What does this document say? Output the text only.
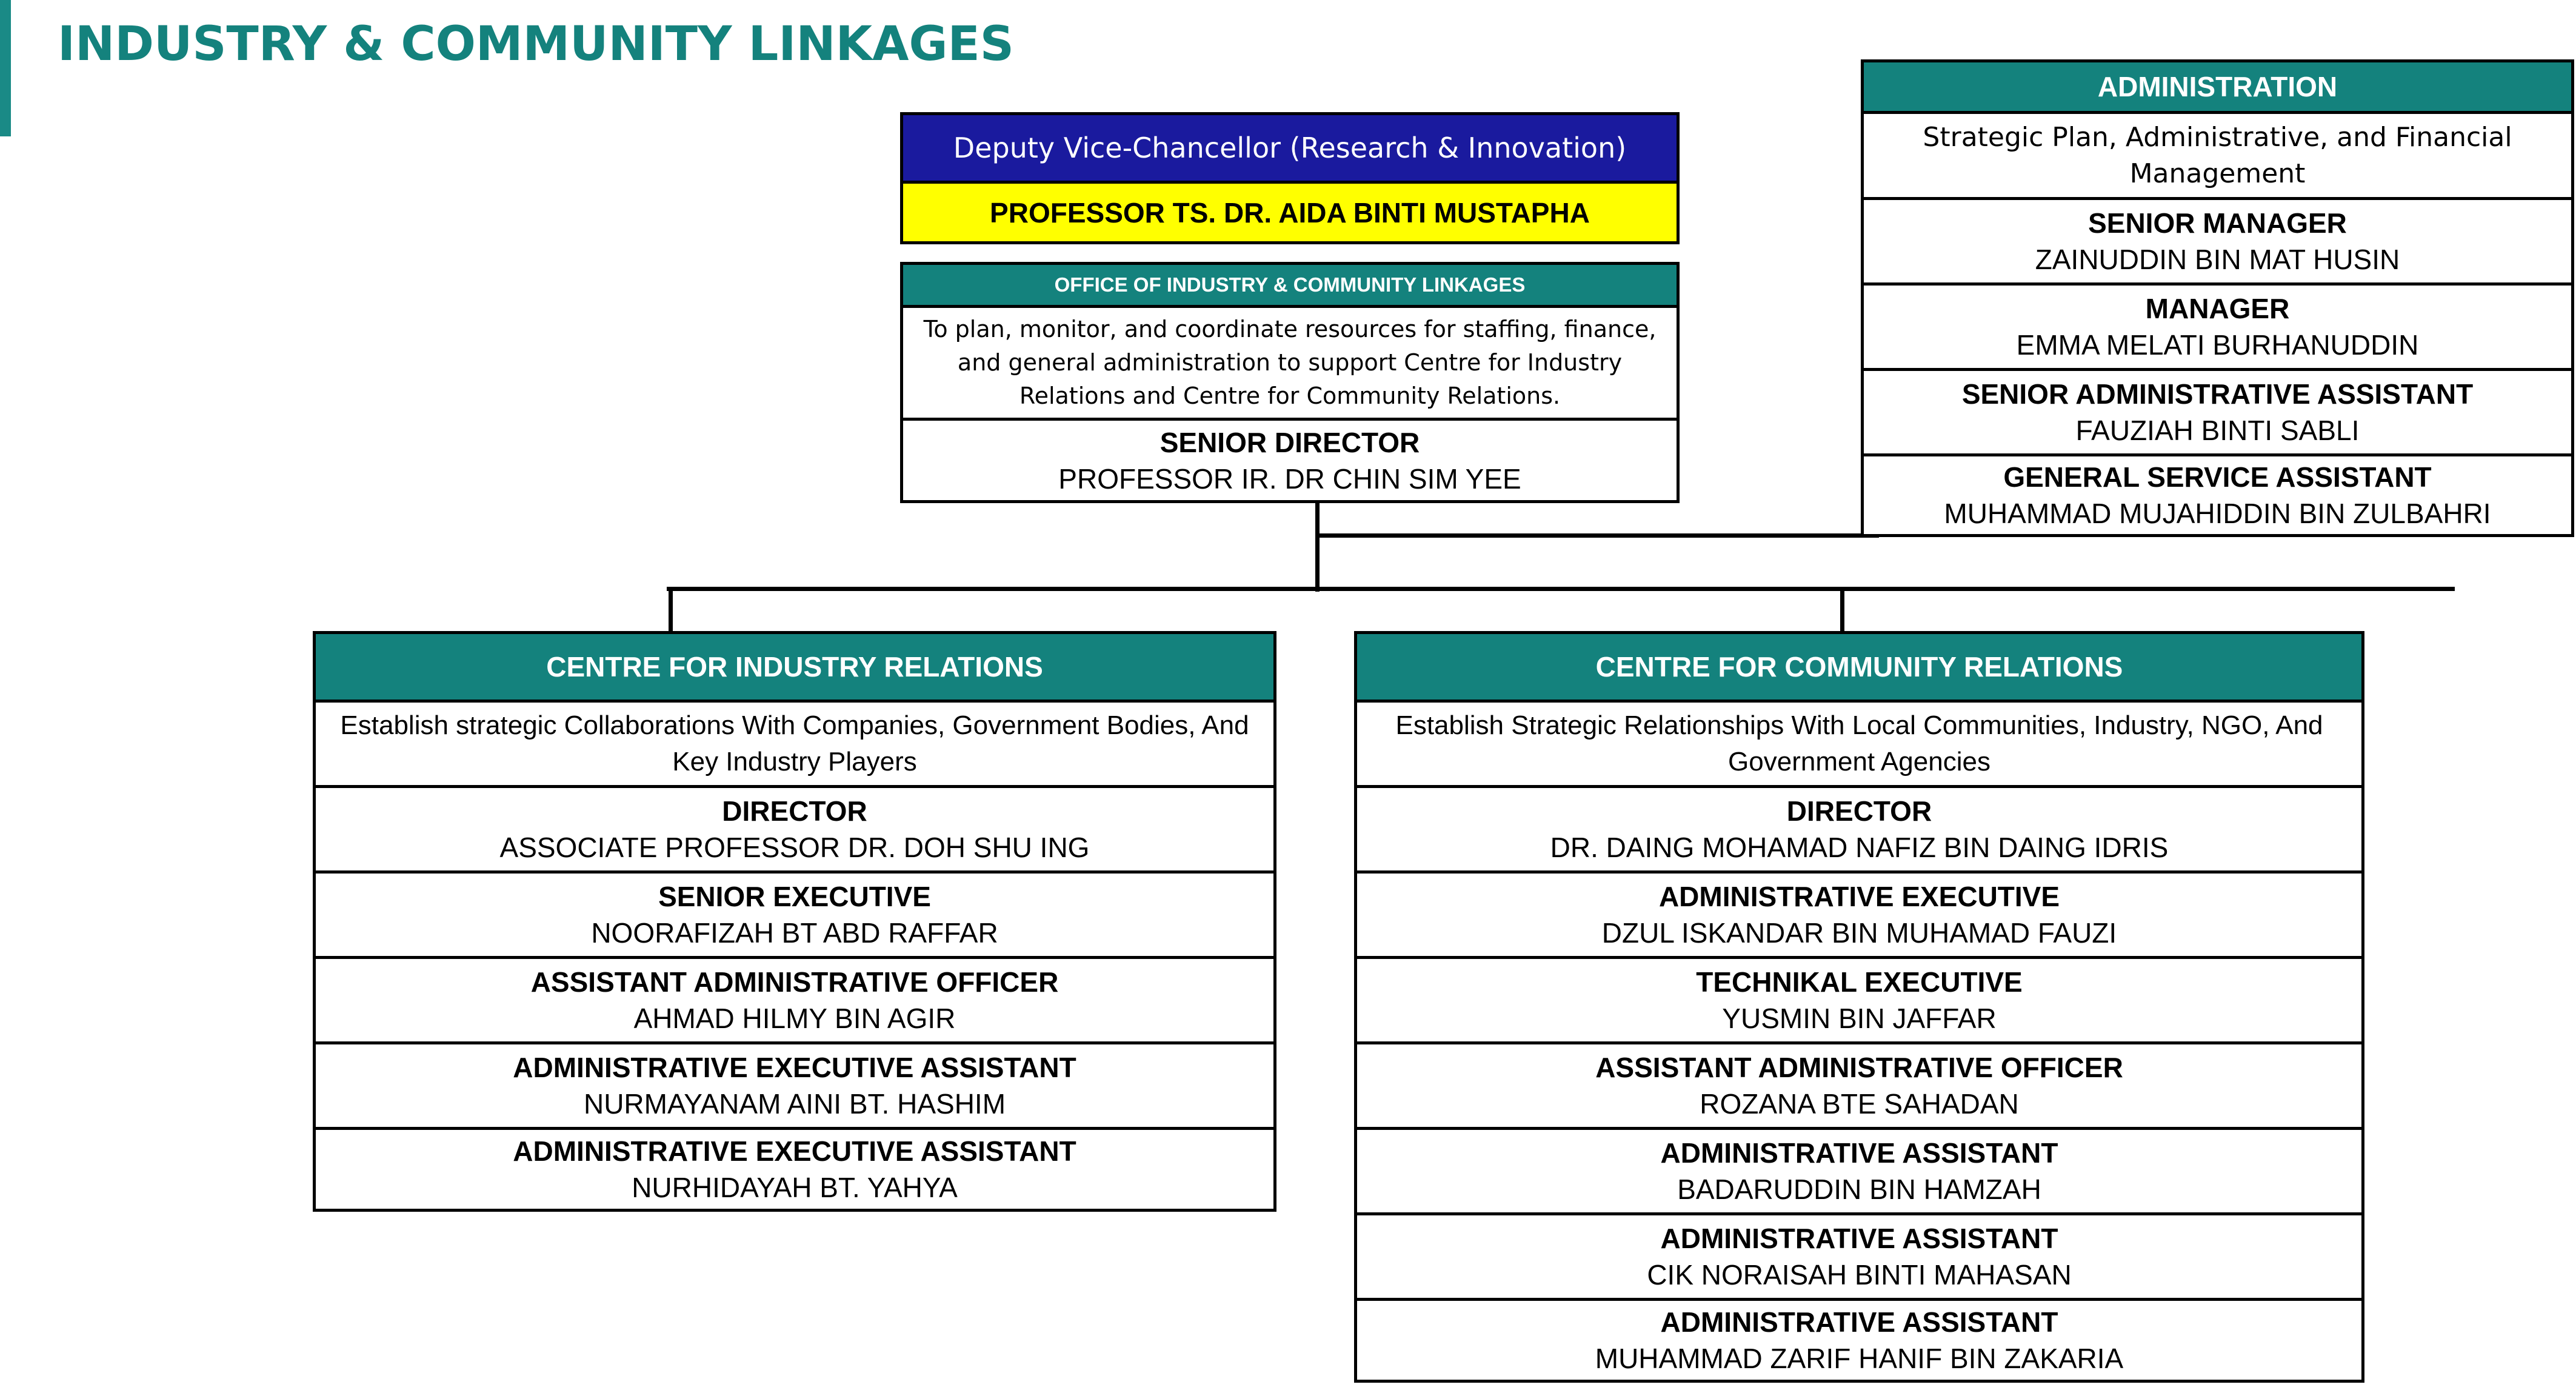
INDUSTRY & COMMUNITY LINKAGES
Deputy Vice-Chancellor (Research & Innovation)
PROFESSOR TS. DR. AIDA BINTI MUSTAPHA
OFFICE OF INDUSTRY & COMMUNITY LINKAGES
To plan, monitor, and coordinate resources for staffing, finance, and general administration to support Centre for Industry Relations and Centre for Community Relations.
SENIOR DIRECTOR
PROFESSOR IR. DR CHIN SIM YEE
ADMINISTRATION
Strategic Plan, Administrative, and Financial Management
SENIOR MANAGER
ZAINUDDIN BIN MAT HUSIN
MANAGER
EMMA MELATI BURHANUDDIN
SENIOR ADMINISTRATIVE ASSISTANT
FAUZIAH BINTI SABLI
GENERAL SERVICE ASSISTANT
MUHAMMAD MUJAHIDDIN BIN ZULBAHRI
CENTRE FOR INDUSTRY RELATIONS
Establish strategic Collaborations With Companies, Government Bodies, And Key Industry Players
DIRECTOR
ASSOCIATE PROFESSOR DR. DOH SHU ING
SENIOR EXECUTIVE
NOORAFIZAH BT ABD RAFFAR
ASSISTANT ADMINISTRATIVE OFFICER
AHMAD HILMY BIN AGIR
ADMINISTRATIVE EXECUTIVE ASSISTANT
NURMAYANAM AINI BT. HASHIM
ADMINISTRATIVE EXECUTIVE ASSISTANT
NURHIDAYAH BT. YAHYA
CENTRE FOR COMMUNITY RELATIONS
Establish Strategic Relationships With Local Communities, Industry, NGO, And Government Agencies
DIRECTOR
DR. DAING MOHAMAD NAFIZ BIN DAING IDRIS
ADMINISTRATIVE EXECUTIVE
DZUL ISKANDAR BIN MUHAMAD FAUZI
TECHNIKAL EXECUTIVE
YUSMIN BIN JAFFAR
ASSISTANT ADMINISTRATIVE OFFICER
ROZANA BTE SAHADAN
ADMINISTRATIVE ASSISTANT
BADARUDDIN BIN HAMZAH
ADMINISTRATIVE ASSISTANT
CIK NORAISAH BINTI MAHASAN
ADMINISTRATIVE ASSISTANT
MUHAMMAD ZARIF HANIF BIN ZAKARIA
